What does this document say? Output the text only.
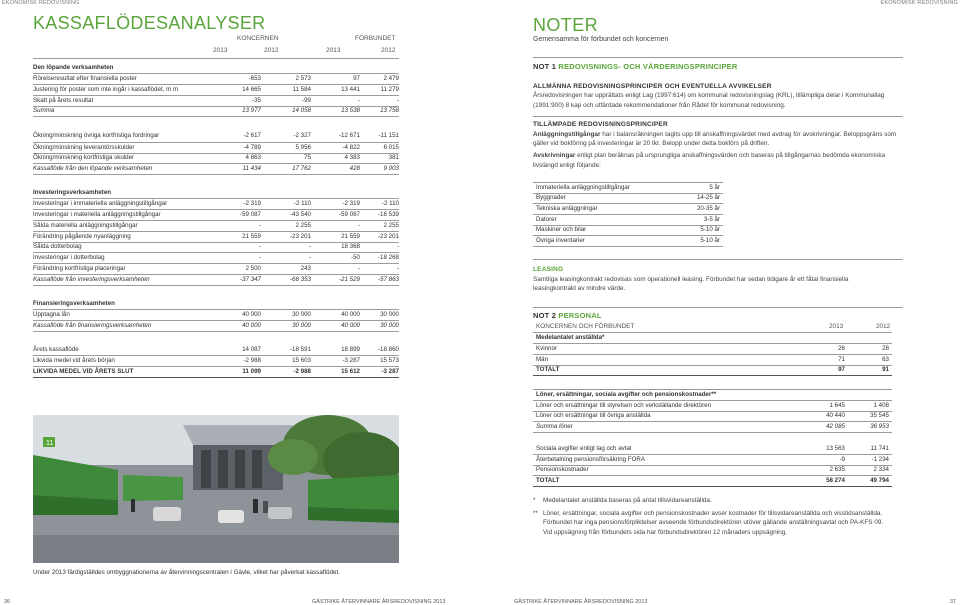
EKONOMISK REDOVISNING	EKONOMISK REDOVISNING
KASSAFLÖDESANALYSER
KONCERNEN	FÖRBUNDET
2013	2012	2013	2012
Den löpande verksamheten				
Rörelseresultat efter finansiella poster	-653	2 573	97	2 479
Justering för poster som inte ingår i kassaflödet, m m	14 665	11 584	13 441	11 279
Skatt på årets resultat	-35	-99	-	-
Summa	13 977	14 058	13 538	13 758
Ökning/minskning övriga kortfristiga fordringar	-2 617	-2 327	-12 671	-11 151
Ökning/minskning leverantörsskulder	-4 789	5 956	-4 822	6 015
Ökning/minskning kortfristiga skulder	4 863	75	4 383	381
Kassaflöde från den löpande verksamheten	11 434	17 762	428	9 003
Investeringsverksamheten				
Investeringar i immateriella anläggningstillgångar	-2 319	-2 110	-2 319	-2 110
Investeringar i materiella anläggningstillgångar	-59 087	-43 540	-59 087	-16 539
Sålda materiella anläggningstillgångar	-	2 255	-	2 255
Förändring pågående nyanläggning	21 559	-23 201	21 559	-23 201
Sålda dotterbolag	-	-	18 368	-
Investeringar i dotterbolag	-	-	-50	-18 268
Förändring kortfristiga placeringar	2 500	243	-	-
Kassaflöde från investeringsverksamheten	-37 347	-66 353	-21 529	-57 863
Finansieringsverksamheten				
Upptagna lån	40 000	30 000	40 000	30 000
Kassaflöde från finansieringsverksamheten	40 000	30 000	40 000	30 000
Årets kassaflöde	14 087	-18 591	18 899	-18 860
Likvida medel vid årets början	-2 988	15 603	-3 287	15 573
LIKVIDA MEDEL VID ÅRETS SLUT	11 099	-2 988	15 612	-3 287
11
Under 2013 färdigställdes ombyggnationerna av återvinningscentralen i Gävle, vilket har påverkat kassaflödet.
NOTER
Gemensamma för förbundet och koncernen
NOT 1 REDOVISNINGS- OCH VÄRDERINGSPRINCIPER
ALLMÄNNA REDOVISNINGSPRINCIPER OCH EVENTUELLA AVVIKELSER
Årsredovisningen har upprättats enligt Lag (1997:614) om kommunal redovisningslag (KRL), tillämpliga delar i Kommunallag (1991:900) 8 kap och utfärdade rekommendationer från Rådet för kommunal redovisning.
TILLÄMPADE REDOVISNINGSPRINCIPER
Anläggningstillgångar har i balansräkningen tagits upp till anskaffningsvärdet med avdrag för avskrivningar. Beloppsgräns som gäller vid bokföring på investeringar är 20 tkr. Belopp under detta bokförs på driften.
Avskrivningar enligt plan beräknas på ursprungliga anskaffningsvärden och baseras på tillgångarnas bedömda ekonomiska livslängd enligt följande:
Immateriella anläggningstillgångar	5 år
Byggnader	14-25 år
Tekniska anläggningar	20-35 år
Datorer	3-5 år
Maskiner och bilar	5-10 år
Övriga inventarier	5-10 år
LEASING
Samtliga leasingkontrakt redovisas som operationell leasing. Förbundet har sedan tidigare år ett fåtal finansiella leasingkontrakt av mindre värde.
NOT 2 PERSONAL
KONCERNEN OCH FÖRBUNDET	2013	2012
Medelantalet anställda*		
Kvinnor	26	28
Män	71	63
TOTALT	97	91
Löner, ersättningar, sociala avgifter och pensionskostnader**		
Löner och ersättningar till styrelsen och verkställande direktören	1 645	1 408
Löner och ersättningar till övriga anställda	40 440	35 545
Summa löner	42 085	36 953
Sociala avgifter enligt lag och avtal	13 563	11 741
Återbetalning pensionsförsäkring FORA	-9	-1 234
Pensionskostnader	2 635	2 334
TOTALT	58 274	49 794
* Medelantalet anställda baseras på antal tillsvidareanställda.
** Löner, ersättningar, sociala avgifter och pensionskostnader avser kostnader för tillsvidareanställda och visstidsanställda. Förbundet har inga pensionsförpliktelser avseende förbundsdirektören utöver gällande anställningsavtal och PA-KFS 09. Vid uppsägning från förbundets sida har förbundsdirektören 12 månaders uppsägning.
36	GÄSTRIKE ÅTERVINNARE ÅRSREDOVISNING 2013	GÄSTRIKE ÅTERVINNARE ÅRSREDOVISNING 2013	37
